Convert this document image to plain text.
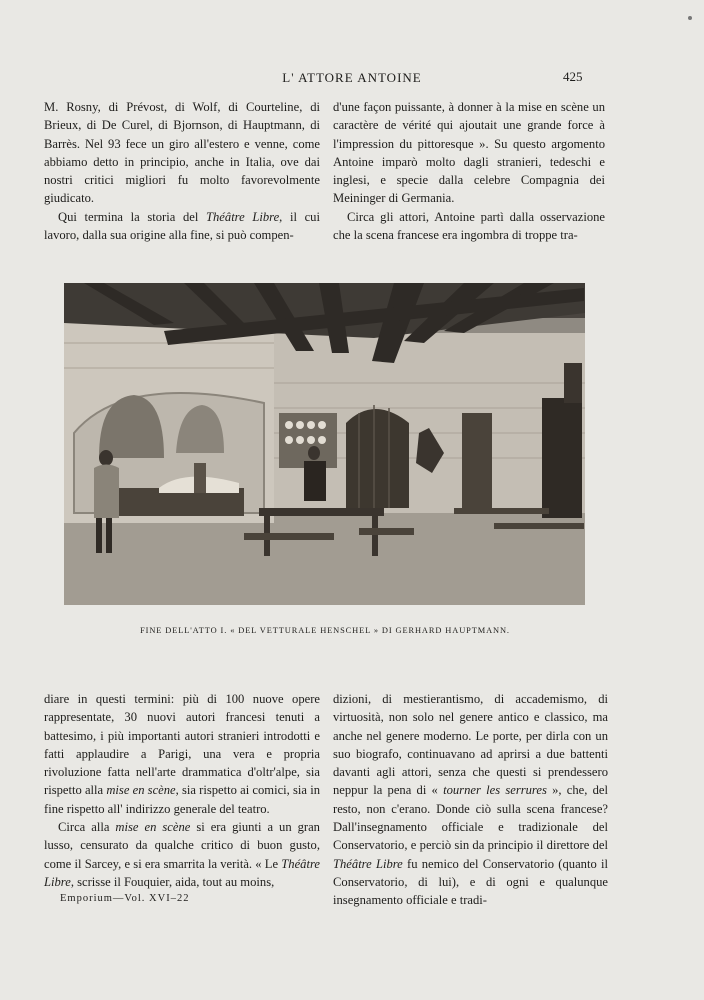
L' ATTORE ANTOINE	425

M. Rosny, di Prévost, di Wolf, di Courteline, di Brieux, di De Curel, di Bjornson, di Hauptmann, di Barrès. Nel 93 fece un giro all'estero e venne, come abbiamo detto in principio, anche in Italia, ove dai nostri critici migliori fu molto favorevolmente giudicato.

Qui termina la storia del Théâtre Libre, il cui lavoro, dalla sua origine alla fine, si può compen-

d'une façon puissante, à donner à la mise en scène un caractère de vérité qui ajoutait une grande force à l'impression du pittoresque ». Su questo argomento Antoine imparò molto dagli stranieri, tedeschi e inglesi, e specie dalla celebre Compagnia dei Meininger di Germania.

Circa gli attori, Antoine partì dalla osservazione che la scena francese era ingombra di troppe tra-

FINE DELL'ATTO I. « DEL VETTURALE HENSCHEL » DI GERHARD HAUPTMANN.

diare in questi termini: più di 100 nuove opere rappresentate, 30 nuovi autori francesi tenuti a battesimo, i più importanti autori stranieri introdotti e fatti applaudire a Parigi, una vera e propria rivoluzione fatta nell'arte drammatica d'oltr'alpe, sia rispetto alla mise en scène, sia rispetto ai comici, sia in fine rispetto all' indirizzo generale del teatro.

Circa alla mise en scène si era giunti a un gran lusso, censurato da qualche critico di buon gusto, come il Sarcey, e si era smarrita la verità. « Le Théâtre Libre, scrisse il Fouquier, aida, tout au moins,

dizioni, di mestierantismo, di accademismo, di virtuosità, non solo nel genere antico e classico, ma anche nel genere moderno. Le porte, per dirla con un suo biografo, continuavano ad aprirsi a due battenti davanti agli attori, senza che questi si prendessero neppur la pena di « tourner les serrures », che, del resto, non c'erano. Donde ciò sulla scena francese? Dall'insegnamento officiale e tradizionale del Conservatorio, e perciò sin da principio il direttore del Théâtre Libre fu nemico del Conservatorio (quanto il Conservatorio, di lui), e di ogni e qualunque insegnamento officiale e tradi-

Emporium—Vol. XVI–22
